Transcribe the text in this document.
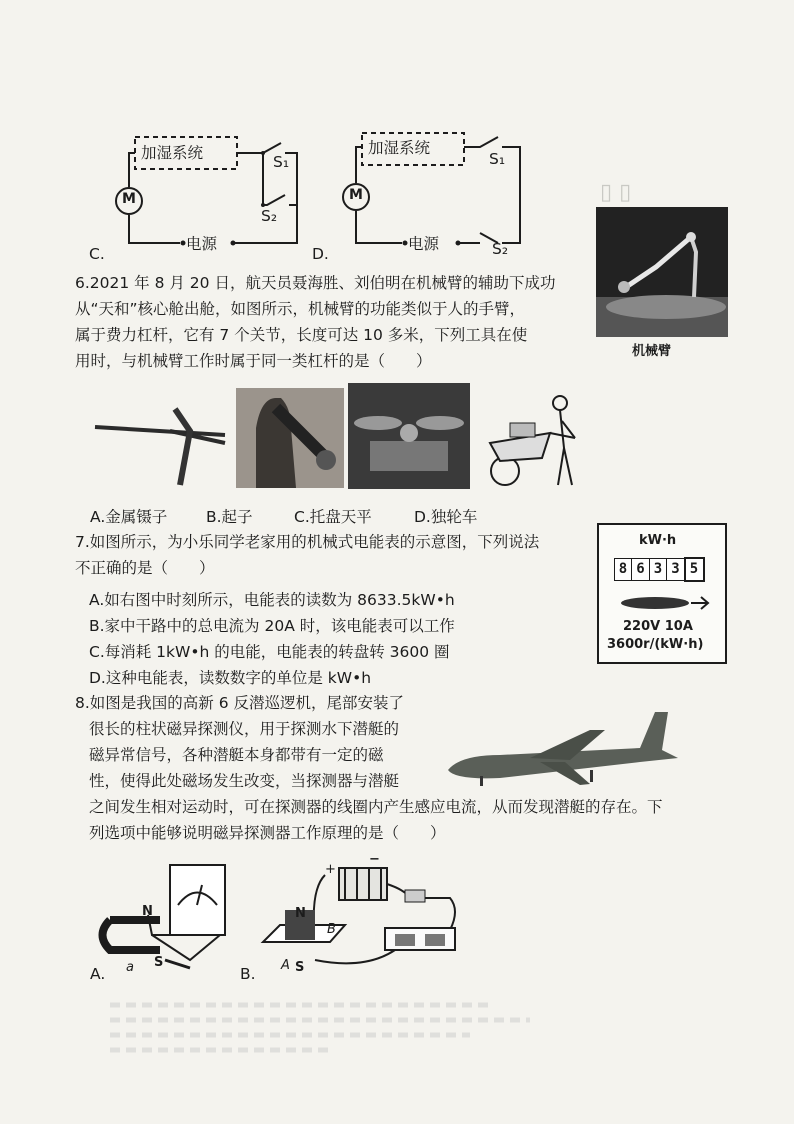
加湿系统
M
电源
S₁
S₂
C.
加湿系统
M
电源
S₁
S₂
D.
▯ ▯
6.2021 年 8 月 20 日，航天员聂海胜、刘伯明在机械臂的辅助下成功
从“天和”核心舱出舱，如图所示，机械臂的功能类似于人的手臂，
属于费力杠杆，它有 7 个关节，长度可达 10 多米，下列工具在使
用时，与机械臂工作时属于同一类杠杆的是（　　）
机械臂
A.金属镊子 B.起子	C.托盘天平	D.独轮车
7.如图所示，为小乐同学老家用的机械式电能表的示意图，下列说法
不正确的是（　　）
A.如右图中时刻所示，电能表的读数为 8633.5kW•h
B.家中干路中的总电流为 20A 时，该电能表可以工作
C.每消耗 1kW•h 的电能，电能表的转盘转 3600 圈
D.这种电能表，读数数字的单位是 kW•h
kW·h
8 6 3 3 5
220V 10A
3600r/(kW·h)
8.如图是我国的高新 6 反潜巡逻机，尾部安装了
很长的柱状磁异探测仪，用于探测水下潜艇的
磁异常信号，各种潜艇本身都带有一定的磁
性，使得此处磁场发生改变，当探测器与潜艇
之间发生相对运动时，可在探测器的线圈内产生感应电流，从而发现潜艇的存在。下
列选项中能够说明磁异探测器工作原理的是（　　）
N
S
a
A.
+
−
N
S
B
A
B.
